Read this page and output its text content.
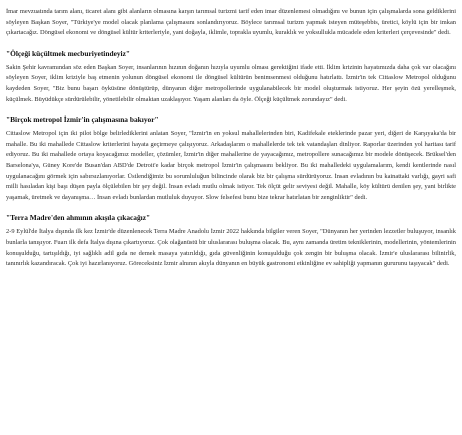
İmar mevzuatında tarım alanı, ticaret alanı gibi alanların olmasına karşın tarımsal turizmi tarif eden imar düzenlemesi olmadığını ve bunun için çalışmalarda sona geldiklerini söyleyen Başkan Soyer, "Türkiye'ye model olacak planlama çalışmasını sonlandırıyoruz. Böylece tarımsal turizm yapmak isteyen müteşebbis, üretici, köylü için bir imkan çıkartacağız. Döngüsel ekonomi ve döngüsel kültür kriterleriyle, yani doğayla, iklimle, toprakla uyumlu, kuraklık ve yoksullukla mücadele eden kriterleri çerçevesinde" dedi.

"Ölçeği küçültmek mecburiyetindeyiz"

Sakin Şehir kavramından söz eden Başkan Soyer, insanlarının hızının doğanın hızıyla uyumlu olması gerektiğini ifade etti. İklim krizinin hayatımızda daha çok var olacağını söyleyen Soyer, iklim kriziyle baş etmenin yolunun döngüsel ekonomi ile döngüsel kültürün benimsenmesi olduğunu hatırlattı. İzmir'in tek Cittaslow Metropol olduğunu kaydeden Soyer, "Biz bunu başarı öyküsüne dönüştürüp, dünyanın diğer metropollerinde uygulanabilecek bir model oluşturmak istiyoruz. Her şeyin özü yerelleşmek, küçülmek. Büyüdükçe sürdürülebilir, yönetilebilir olmaktan uzaklaşıyor. Yaşam alanları da öyle. Ölçeği küçültmek zorundayız" dedi.

"Birçok metropol İzmir'in çalışmasına bakıyor"

Cittaslow Metropol için iki pilot bölge belirlediklerini anlatan Soyer, "İzmir'in en yoksul mahallelerinden biri, Kadifekale eteklerinde pazar yeri, diğeri de Karşıyaka'da bir mahalle. Bu iki mahallede Cittaslow kriterlerini hayata geçirmeye çalışıyoruz. Arkadaşlarım o mahallelerde tek tek vatandaşları dinliyor. Raporlar üzerinden yol haritası tarif ediyoruz. Bu iki mahallede ortaya koyacağımız modeller, çözümler, İzmir'in diğer mahallerine de yayacağımız, metropollere sunacağımız bir modele dönüşecek. Brüksel'den Barselona'ya, Güney Kore'de Busan'dan ABD'de Detroit'e kadar birçok metropol İzmir'in çalışmasını bekliyor. Bu iki mahalledeki uygulamalarım, kendi kentlerinde nasıl uygulanacağını görmek için sabırsızlanıyorlar. Üstlendiğimiz bu sorumluluğun bilincinde olarak biz bir çalışma sürdürüyoruz. İnsan evladının bu kainattaki varlığı, gayri safi milli hasıladan kişi başı düşen payla ölçülebilen bir şey değil. İnsan evladı mutlu olmak istiyor. Tek ölçüt gelir seviyesi değil. Mahalle, köy kültürü denilen şey, yani birlikte yaşamak, üretmek ve dayanışma… İnsan evladı bunlardan mutluluk duyuyor. Slow felsefesi bunu bize tekrar hatırlatan bir zenginliktir" dedi.

"Terra Madre'den ahmının akışıla çıkacağız"

2-9 Eylül'de İtalya dışında ilk kez İzmir'de düzenlenecek Terra Madre Anadolu İzmir 2022 hakkında bilgiler veren Soyer, "Dünyanın her yerinden lezzetler buluşuyor, insanlık bunlarla tanışıyor. Fuarı ilk defa İtalya dışına çıkartıyoruz. Çok olağanüstü bir uluslararası buluşma olacak. Bu, aynı zamanda üretim tekniklerinin, modellerinin, yöntemlerinin konuşulduğu, tartışıldığı, iyi sağlıklı adil gıda ne demek masaya yatırıldığı, gıda güvenliğinin konuşulduğu çok zengin bir buluşma olacak. İzmir'e uluslararası bilinirlik, tanınırlık kazandıracak. Çok iyi hazırlanıyoruz. Göreceksiniz İzmir alnının akıyla dünyanın en büyük gastronomi etkinliğine ev sahipliği yapmanın gururunu taşıyacak" dedi.
